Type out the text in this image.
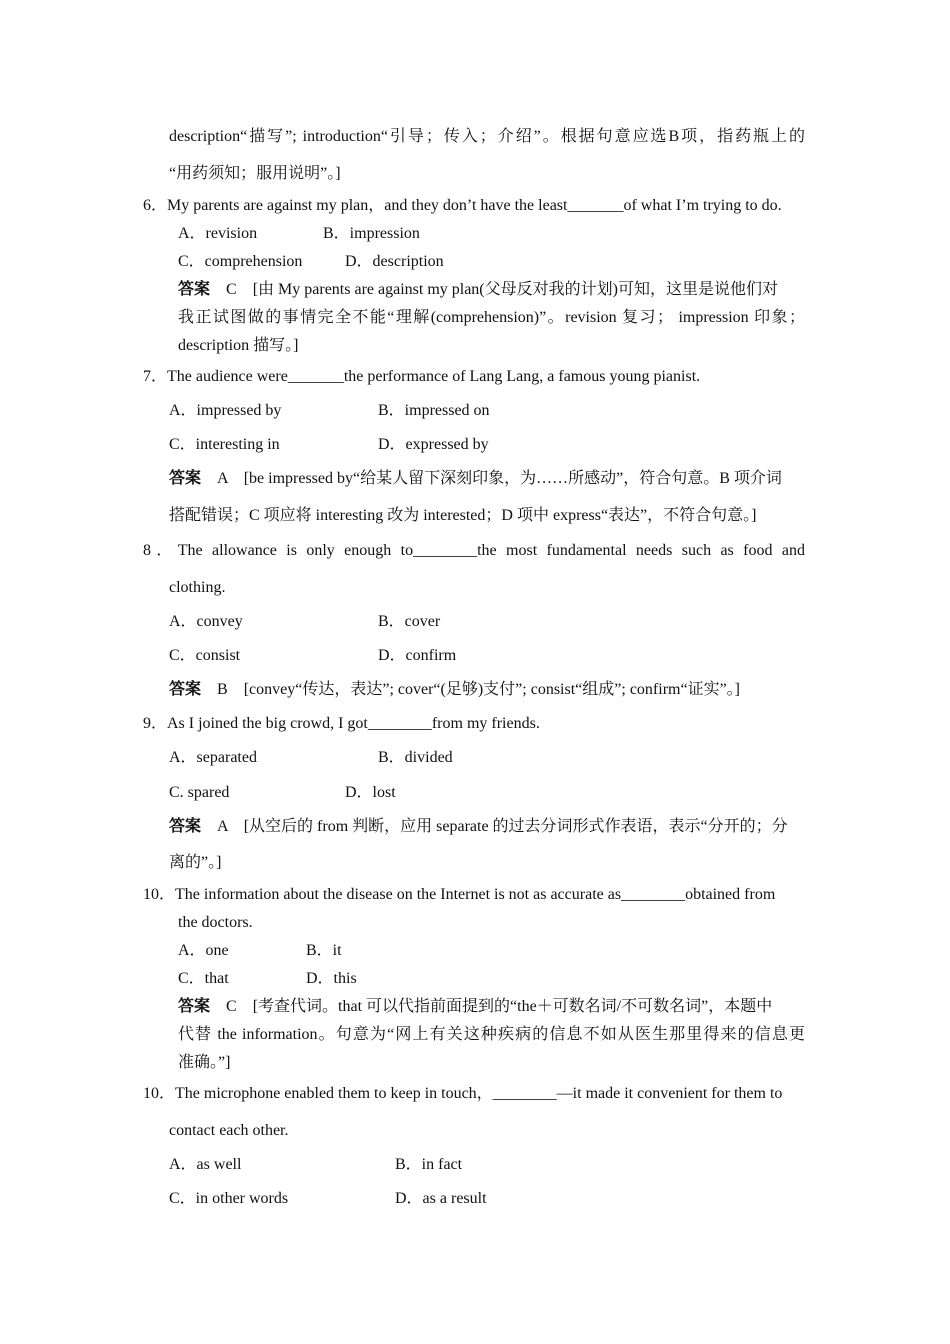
description“描写”; introduction“引导；传入；介绍”。根据句意应选B项，指药瓶上的
“用药须知；服用说明”。]
6．My parents are against my plan，and they don’t have the least_______of what I’m trying to do.
A．revision	B．impression
C．comprehension	D．description
答案　 C　[由 My parents are against my plan(父母反对我的计划)可知，这里是说他们对
我正试图做的事情完全不能“理解(comprehension)”。revision 复习； impression 印象；
description 描写。]
7．The audience were_______the performance of Lang Lang, a famous young pianist.
A．impressed by	B．impressed on
C．interesting in	D．expressed by
答案　 A　[be impressed by“给某人留下深刻印象，为……所感动”，符合句意。B 项介词
搭配错误；C 项应将 interesting 改为 interested；D 项中 express“表达”，不符合句意。]
8．The allowance is only enough to________the most fundamental needs such as food and
clothing.
A．convey	B．cover
C．consist	D．confirm
答案　 B　[convey“传达，表达”; cover“(足够)支付”; consist“组成”; confirm“证实”。]
9．As I joined the big crowd, I got________from my friends.
A．separated	B．divided
C. spared	D．lost
答案　 A　[从空后的 from 判断，应用 separate 的过去分词形式作表语，表示“分开的；分
离的”。]
10．The information about the disease on the Internet is not as accurate as________obtained from
the doctors.
A．one	B．it
C．that	D．this
答案　 C　[考查代词。that 可以代指前面提到的“the＋可数名词/不可数名词”，本题中
代替 the information。句意为“网上有关这种疾病的信息不如从医生那里得来的信息更
准确。”]
10．The microphone enabled them to keep in touch，________—it made it convenient for them to
contact each other.
A．as well	B．in fact
C．in other words	D．as a result
